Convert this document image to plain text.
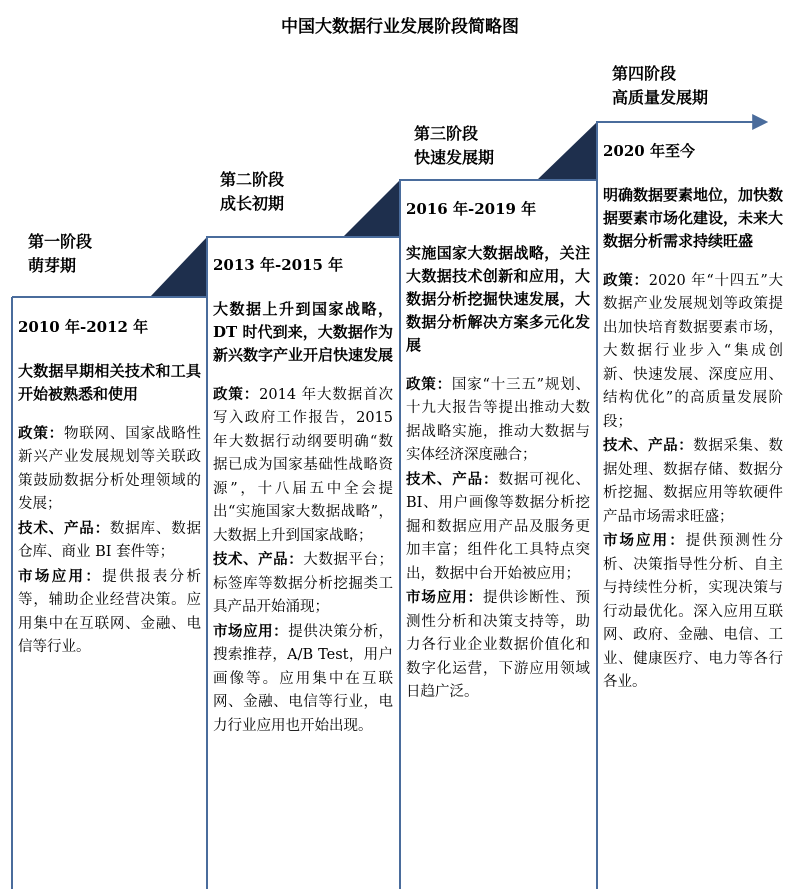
中国大数据行业发展阶段简略图
第一阶段
萌芽期
第二阶段
成长初期
第三阶段
快速发展期
第四阶段
高质量发展期
2010 年-2012 年
大数据早期相关技术和工具开始被熟悉和使用

政策：物联网、国家战略性新兴产业发展规划等关联政策鼓励数据分析处理领域的发展；

技术、产品：数据库、数据仓库、商业 BI 套件等；

市场应用：提供报表分析等，辅助企业经营决策。应用集中在互联网、金融、电信等行业。

2013 年-2015 年
大数据上升到国家战略，DT 时代到来，大数据作为新兴数字产业开启快速发展

政策：2014 年大数据首次写入政府工作报告，2015 年大数据行动纲要明确“数据已成为国家基础性战略资源”，十八届五中全会提出“实施国家大数据战略”，大数据上升到国家战略；

技术、产品：大数据平台；标签库等数据分析挖掘类工具产品开始涌现；

市场应用：提供决策分析，搜索推荐，A/B Test，用户画像等。应用集中在互联网、金融、电信等行业，电力行业应用也开始出现。

2016 年-2019 年
实施国家大数据战略，关注大数据技术创新和应用，大数据分析挖掘快速发展，大数据分析解决方案多元化发展

政策：国家“十三五”规划、十九大报告等提出推动大数据战略实施，推动大数据与实体经济深度融合；

技术、产品：数据可视化、BI、用户画像等数据分析挖掘和数据应用产品及服务更加丰富；组件化工具特点突出，数据中台开始被应用；

市场应用：提供诊断性、预测性分析和决策支持等，助力各行业企业数据价值化和数字化运营，下游应用领域日趋广泛。

2020 年至今
明确数据要素地位，加快数据要素市场化建设，未来大数据分析需求持续旺盛

政策：2020 年“十四五”大数据产业发展规划等政策提出加快培育数据要素市场，大数据行业步入“集成创新、快速发展、深度应用、结构优化”的高质量发展阶段；

技术、产品：数据采集、数据处理、数据存储、数据分析挖掘、数据应用等软硬件产品市场需求旺盛；

市场应用：提供预测性分析、决策指导性分析、自主与持续性分析，实现决策与行动最优化。深入应用互联网、政府、金融、电信、工业、健康医疗、电力等各行各业。
